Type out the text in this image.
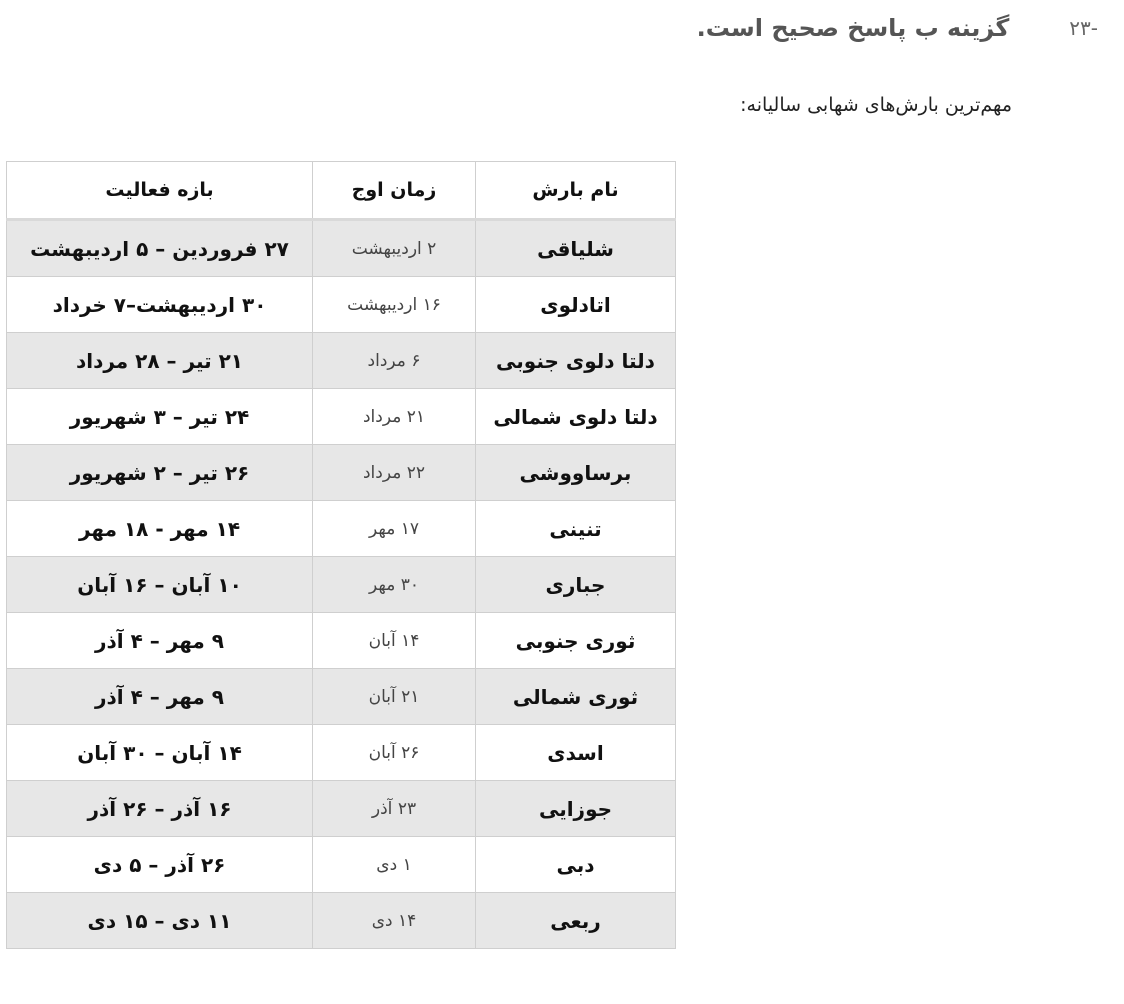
-۲۳
گزینه ب پاسخ صحیح است.
مهم‌ترین بارش‌های شهابی سالیانه:
نام بارش	زمان اوج	بازه فعالیت
شلیاقی	۲ اردیبهشت	۲۷ فروردین – ۵ اردیبهشت
اتادلوی	۱۶ اردیبهشت	۳۰ اردیبهشت–۷ خرداد
دلتا دلوی جنوبی	۶ مرداد	۲۱ تیر – ۲۸ مرداد
دلتا دلوی شمالی	۲۱ مرداد	۲۴ تیر – ۳ شهریور
برساووشی	۲۲ مرداد	۲۶ تیر – ۲ شهریور
تنینی	۱۷ مهر	۱۴ مهر - ۱۸ مهر
جباری	۳۰ مهر	۱۰ آبان – ۱۶ آبان
ثوری جنوبی	۱۴ آبان	۹ مهر – ۴ آذر
ثوری شمالی	۲۱ آبان	۹ مهر – ۴ آذر
اسدی	۲۶ آبان	۱۴ آبان – ۳۰ آبان
جوزایی	۲۳ آذر	۱۶ آذر – ۲۶ آذر
دبی	۱ دی	۲۶ آذر – ۵ دی
ربعی	۱۴ دی	۱۱ دی – ۱۵ دی
